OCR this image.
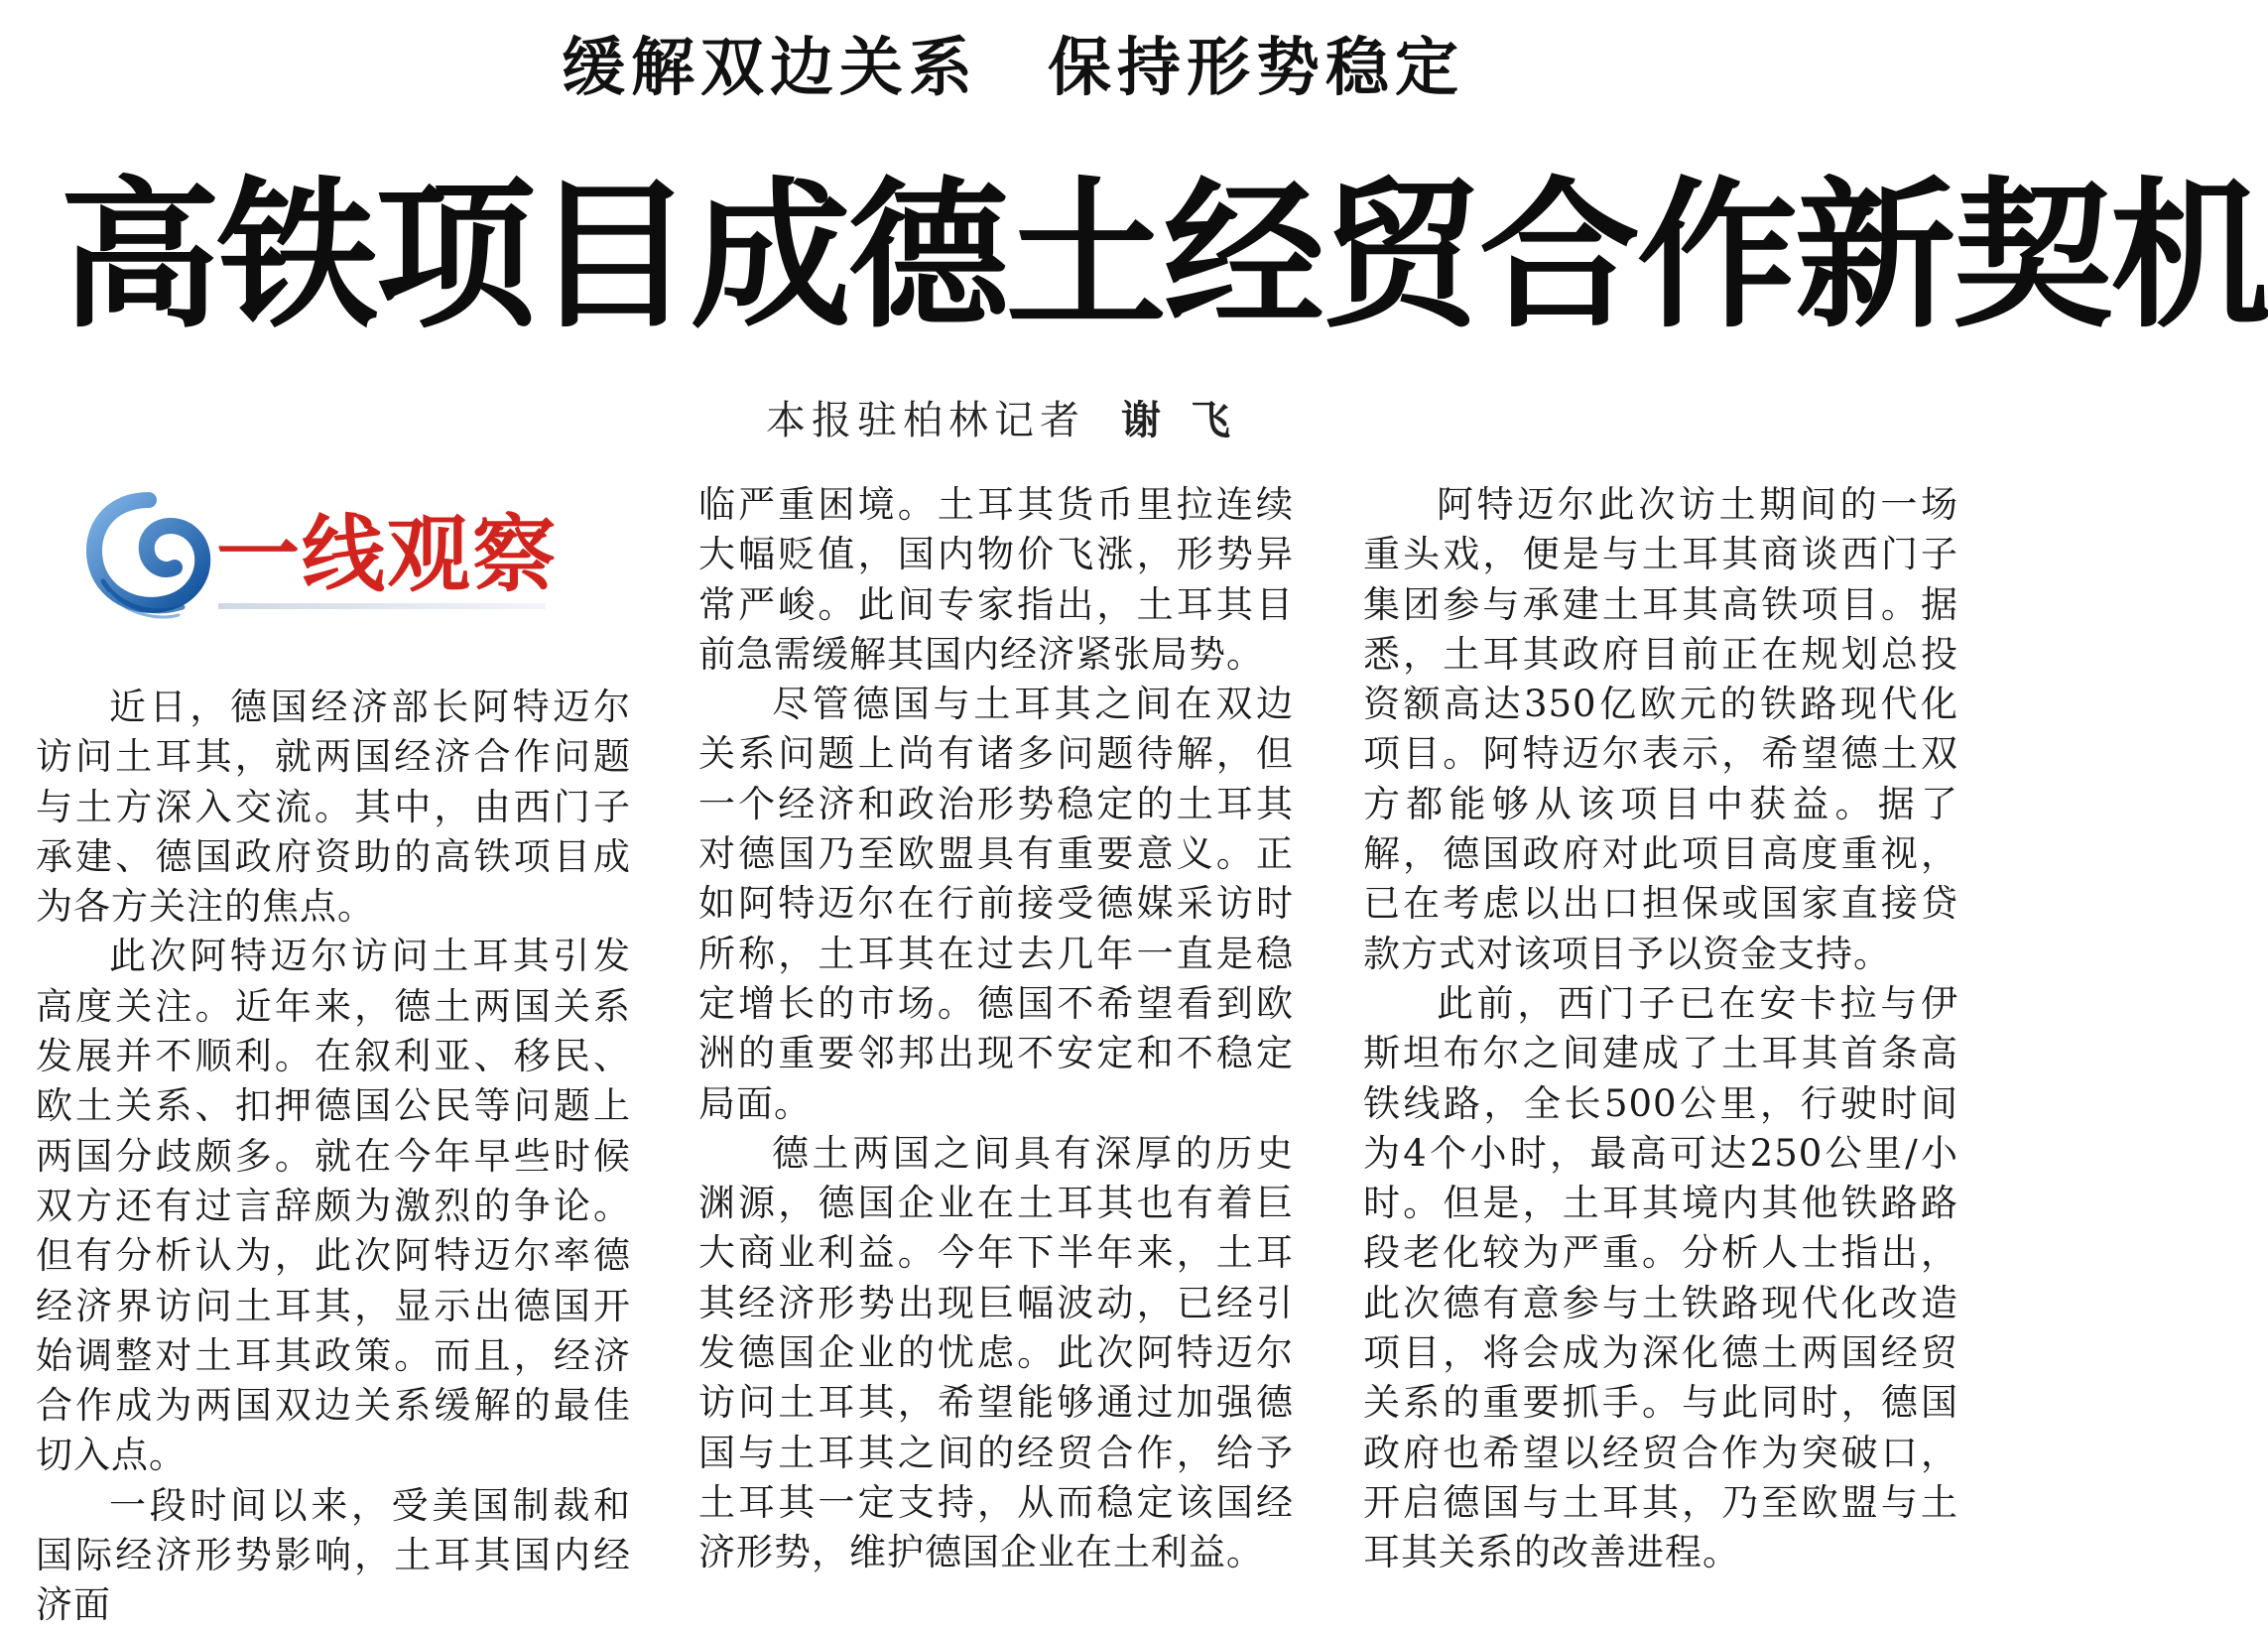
缓解双边关系　保持形势稳定
高铁项目成德土经贸合作新契机
本报驻柏林记者 谢飞
一线观察

近日，德国经济部长阿特迈尔访问土耳其，就两国经济合作问题与土方深入交流。其中，由西门子承建、德国政府资助的高铁项目成为各方关注的焦点。

此次阿特迈尔访问土耳其引发高度关注。近年来，德土两国关系发展并不顺利。在叙利亚、移民、欧土关系、扣押德国公民等问题上两国分歧颇多。就在今年早些时候双方还有过言辞颇为激烈的争论。但有分析认为，此次阿特迈尔率德经济界访问土耳其，显示出德国开始调整对土耳其政策。而且，经济合作成为两国双边关系缓解的最佳切入点。

一段时间以来，受美国制裁和国际经济形势影响，土耳其国内经济面

临严重困境。土耳其货币里拉连续大幅贬值，国内物价飞涨，形势异常严峻。此间专家指出，土耳其目前急需缓解其国内经济紧张局势。

尽管德国与土耳其之间在双边关系问题上尚有诸多问题待解，但一个经济和政治形势稳定的土耳其对德国乃至欧盟具有重要意义。正如阿特迈尔在行前接受德媒采访时所称，土耳其在过去几年一直是稳定增长的市场。德国不希望看到欧洲的重要邻邦出现不安定和不稳定局面。

德土两国之间具有深厚的历史渊源，德国企业在土耳其也有着巨大商业利益。今年下半年来，土耳其经济形势出现巨幅波动，已经引发德国企业的忧虑。此次阿特迈尔访问土耳其，希望能够通过加强德国与土耳其之间的经贸合作，给予土耳其一定支持，从而稳定该国经济形势，维护德国企业在土利益。

阿特迈尔此次访土期间的一场重头戏，便是与土耳其商谈西门子集团参与承建土耳其高铁项目。据悉，土耳其政府目前正在规划总投资额高达350亿欧元的铁路现代化项目。阿特迈尔表示，希望德土双方都能够从该项目中获益。据了解，德国政府对此项目高度重视，已在考虑以出口担保或国家直接贷款方式对该项目予以资金支持。

此前，西门子已在安卡拉与伊斯坦布尔之间建成了土耳其首条高铁线路，全长500公里，行驶时间为4个小时，最高可达250公里/小时。但是，土耳其境内其他铁路路段老化较为严重。分析人士指出，此次德有意参与土铁路现代化改造项目，将会成为深化德土两国经贸关系的重要抓手。与此同时，德国政府也希望以经贸合作为突破口，开启德国与土耳其，乃至欧盟与土耳其关系的改善进程。
